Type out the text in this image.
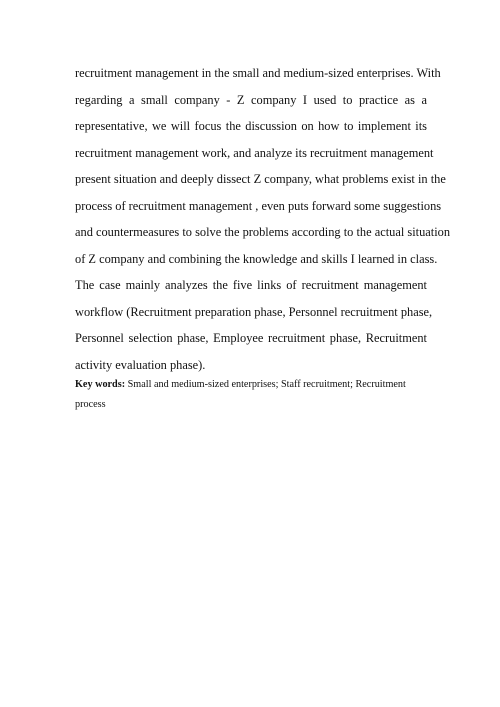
recruitment management in the small and medium-sized enterprises. With
regarding a small company - Z company I used to practice as a
representative, we will focus the discussion on how to implement its
recruitment management work, and analyze its recruitment management
present situation and deeply dissect Z company, what problems exist in the
process of recruitment management , even puts forward some suggestions
and countermeasures to solve the problems according to the actual situation
of Z company and combining the knowledge and skills I learned in class.
The case mainly analyzes the five links of recruitment management
workflow (Recruitment preparation phase, Personnel recruitment phase,
Personnel selection phase, Employee recruitment phase, Recruitment
activity evaluation phase).
Key words: Small and medium-sized enterprises; Staff recruitment; Recruitment
process
